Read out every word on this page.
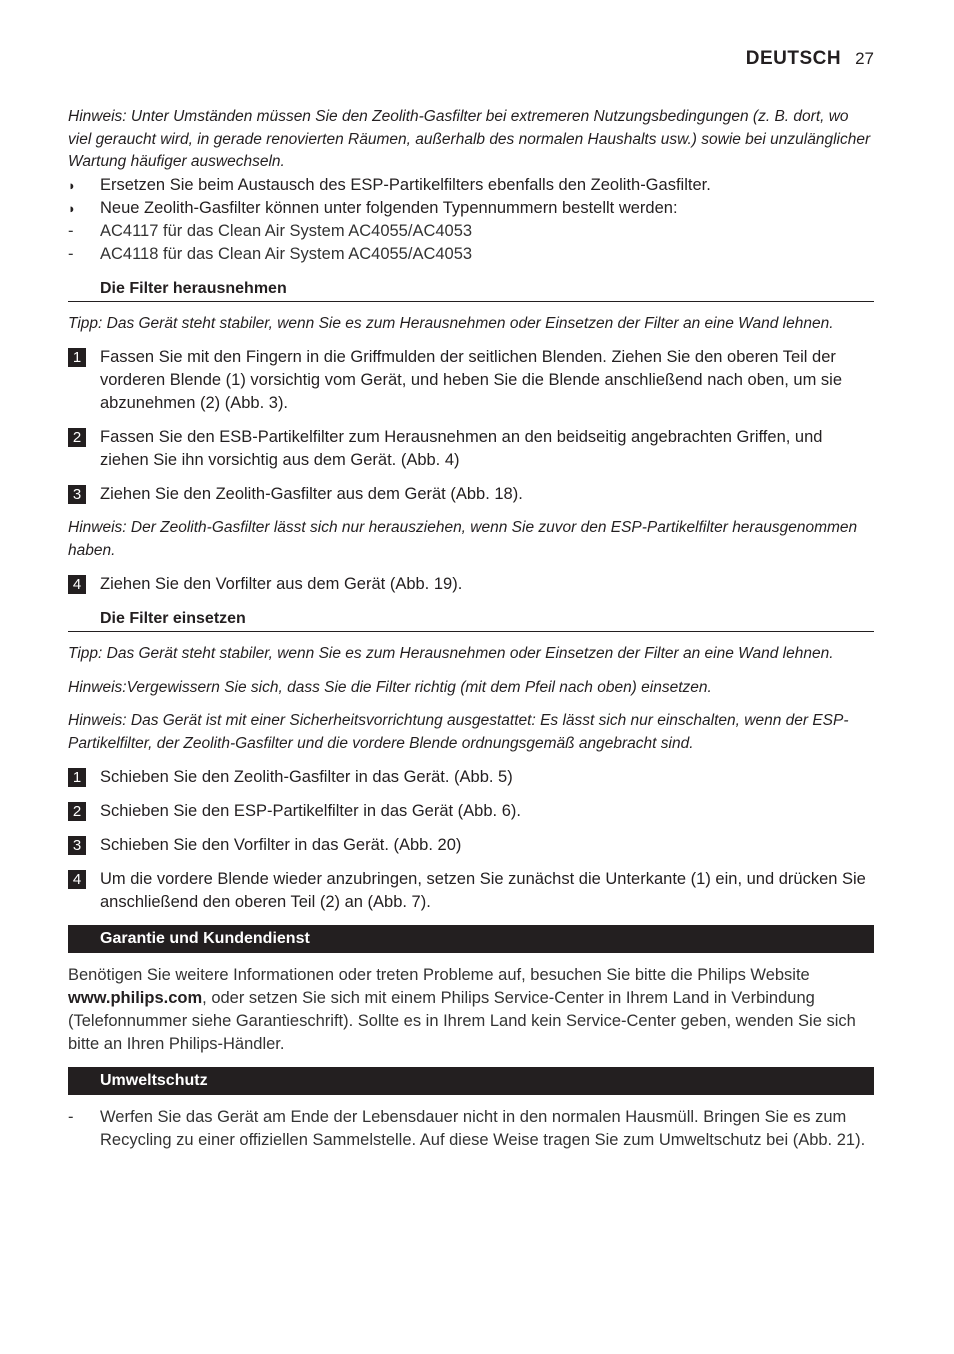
DEUTSCH 27

Hinweis: Unter Umständen müssen Sie den Zeolith-Gasfilter bei extremeren Nutzungsbedingungen (z. B. dort, wo viel geraucht wird, in gerade renovierten Räumen, außerhalb des normalen Haushalts usw.) sowie bei unzulänglicher Wartung häufiger auswechseln.

◗	Ersetzen Sie beim Austausch des ESP-Partikelfilters ebenfalls den Zeolith-Gasfilter.
◗	Neue Zeolith-Gasfilter können unter folgenden Typennummern bestellt werden:
-	AC4117 für das Clean Air System AC4055/AC4053
-	AC4118 für das Clean Air System AC4055/AC4053
Die Filter herausnehmen

Tipp: Das Gerät steht stabiler, wenn Sie es zum Herausnehmen oder Einsetzen der Filter an eine Wand lehnen.

1 Fassen Sie mit den Fingern in die Griffmulden der seitlichen Blenden. Ziehen Sie den oberen Teil der vorderen Blende (1) vorsichtig vom Gerät, und heben Sie die Blende anschließend nach oben, um sie abzunehmen (2) (Abb. 3).
2 Fassen Sie den ESB-Partikelfilter zum Herausnehmen an den beidseitig angebrachten Griffen, und ziehen Sie ihn vorsichtig aus dem Gerät. (Abb. 4)
3 Ziehen Sie den Zeolith-Gasfilter aus dem Gerät (Abb. 18).

Hinweis: Der Zeolith-Gasfilter lässt sich nur herausziehen, wenn Sie zuvor den ESP-Partikelfilter herausgenommen haben.

4 Ziehen Sie den Vorfilter aus dem Gerät (Abb. 19).
Die Filter einsetzen

Tipp: Das Gerät steht stabiler, wenn Sie es zum Herausnehmen oder Einsetzen der Filter an eine Wand lehnen.

Hinweis:Vergewissern Sie sich, dass Sie die Filter richtig (mit dem Pfeil nach oben) einsetzen.

Hinweis: Das Gerät ist mit einer Sicherheitsvorrichtung ausgestattet: Es lässt sich nur einschalten, wenn der ESP-Partikelfilter, der Zeolith-Gasfilter und die vordere Blende ordnungsgemäß angebracht sind.

1 Schieben Sie den Zeolith-Gasfilter in das Gerät. (Abb. 5)
2 Schieben Sie den ESP-Partikelfilter in das Gerät (Abb. 6).
3 Schieben Sie den Vorfilter in das Gerät. (Abb. 20)
4 Um die vordere Blende wieder anzubringen, setzen Sie zunächst die Unterkante (1) ein, und drücken Sie anschließend den oberen Teil (2) an (Abb. 7).
Garantie und Kundendienst

Benötigen Sie weitere Informationen oder treten Probleme auf, besuchen Sie bitte die Philips Website www.philips.com, oder setzen Sie sich mit einem Philips Service-Center in Ihrem Land in Verbindung (Telefonnummer siehe Garantieschrift). Sollte es in Ihrem Land kein Service-Center geben, wenden Sie sich bitte an Ihren Philips-Händler.

Umweltschutz
-	Werfen Sie das Gerät am Ende der Lebensdauer nicht in den normalen Hausmüll. Bringen Sie es zum Recycling zu einer offiziellen Sammelstelle. Auf diese Weise tragen Sie zum Umweltschutz bei (Abb. 21).
